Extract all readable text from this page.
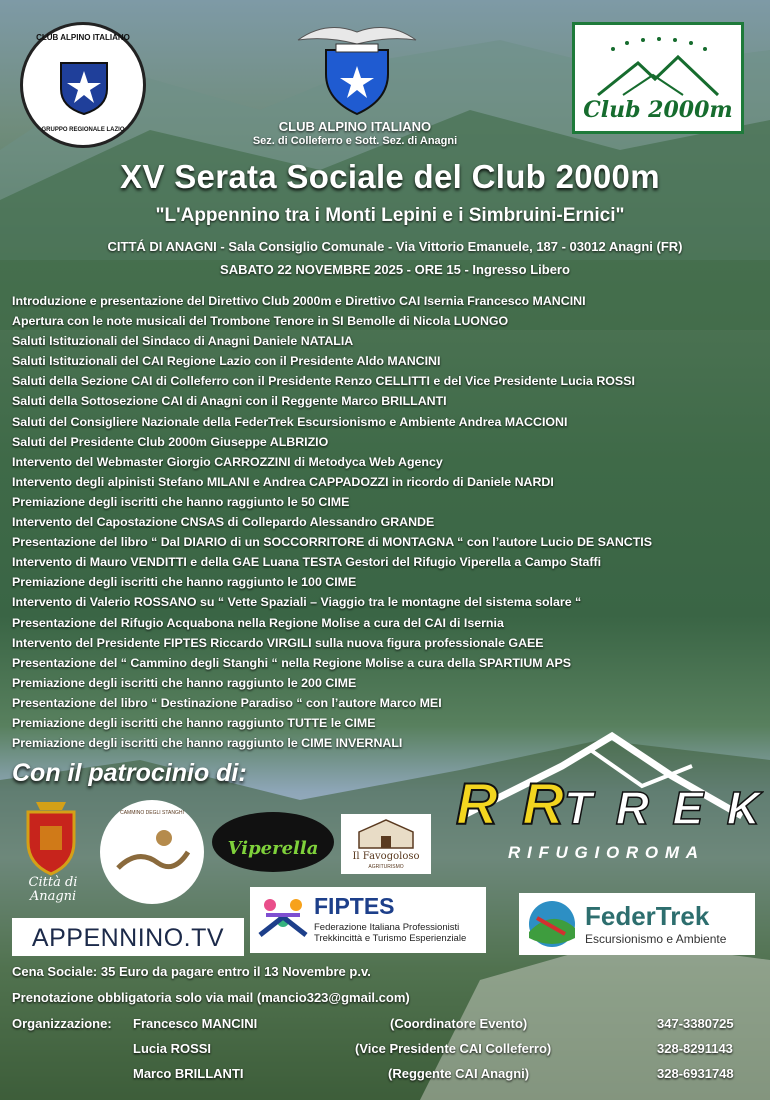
CLUB ALPINO ITALIANO
GRUPPO REGIONALE LAZIO
Club 2000m
CLUB ALPINO ITALIANO
Sez. di Colleferro e Sott. Sez. di Anagni
XV Serata Sociale del Club 2000m
"L'Appennino tra i Monti Lepini e i Simbruini-Ernici"
CITTÁ DI ANAGNI - Sala Consiglio Comunale - Via Vittorio Emanuele, 187 - 03012 Anagni (FR)
SABATO 22 NOVEMBRE 2025 - ORE 15 - Ingresso Libero
Introduzione e presentazione del Direttivo Club 2000m e Direttivo CAI Isernia Francesco MANCINI
Apertura con le note musicali del Trombone Tenore in SI Bemolle di Nicola LUONGO
Saluti Istituzionali del Sindaco di Anagni Daniele NATALIA
Saluti Istituzionali del CAI Regione Lazio con il Presidente Aldo MANCINI
Saluti della Sezione CAI di Colleferro con il Presidente Renzo CELLITTI e del Vice Presidente Lucia ROSSI
Saluti della Sottosezione CAI di Anagni con il Reggente Marco BRILLANTI
Saluti del Consigliere Nazionale della FederTrek Escursionismo e Ambiente Andrea MACCIONI
Saluti del Presidente Club 2000m Giuseppe ALBRIZIO
Intervento del Webmaster Giorgio CARROZZINI di Metodyca Web Agency
Intervento degli alpinisti Stefano MILANI e Andrea CAPPADOZZI in ricordo di Daniele NARDI
Premiazione degli iscritti che hanno raggiunto le 50 CIME
Intervento del Capostazione CNSAS di Collepardo Alessandro GRANDE
Presentazione del libro “ Dal DIARIO di un SOCCORRITORE di MONTAGNA “ con l’autore Lucio DE SANCTIS
Intervento di Mauro VENDITTI e della GAE Luana TESTA Gestori del Rifugio Viperella a Campo Staffi
Premiazione degli iscritti che hanno raggiunto le 100 CIME
Intervento di Valerio ROSSANO su “ Vette Spaziali – Viaggio tra le montagne del sistema solare “
Presentazione del Rifugio Acquabona nella Regione Molise a cura del CAI di Isernia
Intervento del Presidente FIPTES Riccardo VIRGILI sulla nuova figura professionale GAEE
Presentazione del “ Cammino degli Stanghi “ nella Regione Molise a cura della SPARTIUM APS
Premiazione degli iscritti che hanno raggiunto le 200 CIME
Presentazione del libro “ Destinazione Paradiso “ con l’autore Marco MEI
Premiazione degli iscritti che hanno raggiunto TUTTE le CIME
Premiazione degli iscritti che hanno raggiunto le CIME INVERNALI
Con il patrocinio di:	RR TREK
RIFUGIOROMA
Città di Anagni
CAMMINO DEGLI STANGHI
Viperella	Il Favogoloso
AGRITURISMO
APPENNINO.TV
FIPTES
Federazione Italiana Professionisti Trekkincittà e Turismo Esperienziale
FederTrek
Escursionismo e Ambiente
Cena Sociale: 35 Euro da pagare entro il 13 Novembre p.v.
Prenotazione obbligatoria solo via mail (mancio323@gmail.com)
Organizzazione: Francesco MANCINI	(Coordinatore Evento)	347-3380725
Lucia ROSSI	(Vice Presidente CAI Colleferro)	328-8291143
Marco BRILLANTI	(Reggente CAI Anagni)	328-6931748
